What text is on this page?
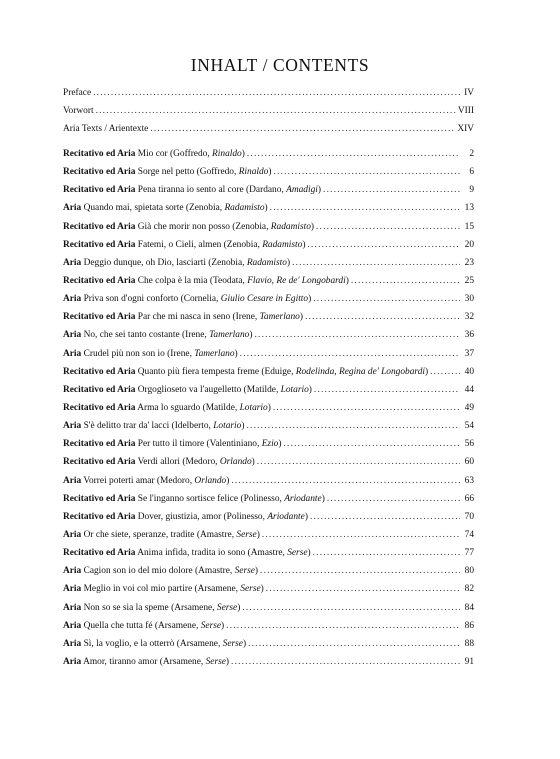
INHALT / CONTENTS
Preface .....	IV
Vorwort .....	VIII
Aria Texts / Arientexte .....	XIV
Recitativo ed Aria Mio cor (Goffredo, Rinaldo) .....	2
Recitativo ed Aria Sorge nel petto (Goffredo, Rinaldo) .....	6
Recitativo ed Aria Pena tiranna io sento al core (Dardano, Amadigi) .....	9
Aria Quando mai, spietata sorte (Zenobia, Radamisto) .....	13
Recitativo ed Aria Già che morir non posso (Zenobia, Radamisto) .....	15
Recitativo ed Aria Fatemi, o Cieli, almen (Zenobia, Radamisto) .....	20
Aria Deggio dunque, oh Dio, lasciarti (Zenobia, Radamisto) .....	23
Recitativo ed Aria Che colpa è la mia (Teodata, Flavio, Re de' Longobardi) .....	25
Aria Priva son d'ogni conforto (Cornelia, Giulio Cesare in Egitto) .....	30
Recitativo ed Aria Par che mi nasca in seno (Irene, Tamerlano) .....	32
Aria No, che sei tanto costante (Irene, Tamerlano) .....	36
Aria Crudel più non son io (Irene, Tamerlano) .....	37
Recitativo ed Aria Quanto più fiera tempesta freme (Eduige, Rodelinda, Regina de' Longobardi) .....	40
Recitativo ed Aria Orgoglioseto va l'augelletto (Matilde, Lotario) .....	44
Recitativo ed Aria Arma lo sguardo (Matilde, Lotario) .....	49
Aria S'è delitto trar da' lacci (Idelberto, Lotario) .....	54
Recitativo ed Aria Per tutto il timore (Valentiniano, Ezio) .....	56
Recitativo ed Aria Verdi allori (Medoro, Orlando) .....	60
Aria Vorrei poterti amar (Medoro, Orlando) .....	63
Recitativo ed Aria Se l'inganno sortisce felice (Polinesso, Ariodante) .....	66
Recitativo ed Aria Dover, giustizia, amor (Polinesso, Ariodante) .....	70
Aria Or che siete, speranze, tradite (Amastre, Serse) .....	74
Recitativo ed Aria Anima infida, tradita io sono (Amastre, Serse) .....	77
Aria Cagion son io del mio dolore (Amastre, Serse) .....	80
Aria Meglio in voi col mio partire (Arsamene, Serse) .....	82
Aria Non so se sia la speme (Arsamene, Serse) .....	84
Aria Quella che tutta fé (Arsamene, Serse) .....	86
Aria Sì, la voglio, e la otterrò (Arsamene, Serse) .....	88
Aria Amor, tiranno amor (Arsamene, Serse) .....	91
